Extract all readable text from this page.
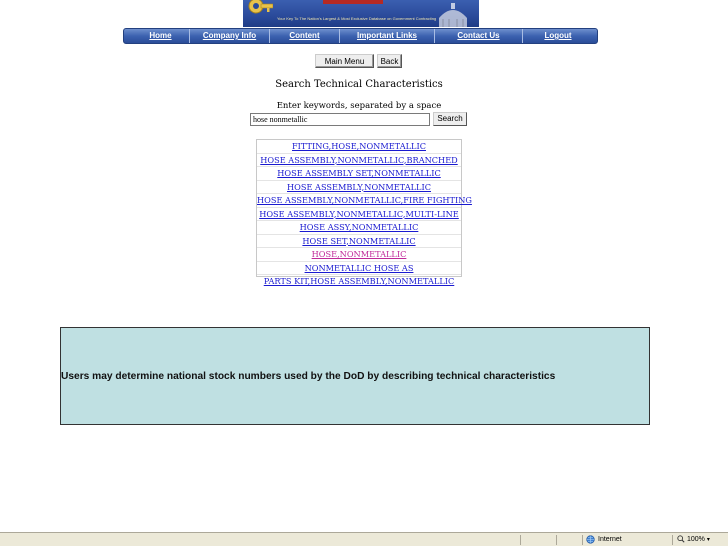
Your Key To The Nation's Largest & Most Exclusive Database on Government Contracting
Home	Company Info	Content	Important Links	Contact Us	Logout
Main Menu	Back
Search Technical Characteristics
Enter keywords, separated by a space
hose nonmetallic	Search
FITTING,HOSE,NONMETALLIC
HOSE ASSEMBLY,NONMETALLIC,BRANCHED
HOSE ASSEMBLY SET,NONMETALLIC
HOSE ASSEMBLY,NONMETALLIC
HOSE ASSEMBLY,NONMETALLIC,FIRE FIGHTING
HOSE ASSEMBLY,NONMETALLIC,MULTI-LINE
HOSE ASSY,NONMETALLIC
HOSE SET,NONMETALLIC
HOSE,NONMETALLIC
NONMETALLIC HOSE AS
PARTS KIT,HOSE ASSEMBLY,NONMETALLIC
Users may determine national stock numbers used by the DoD by describing technical characteristics
Internet	100% ▾
